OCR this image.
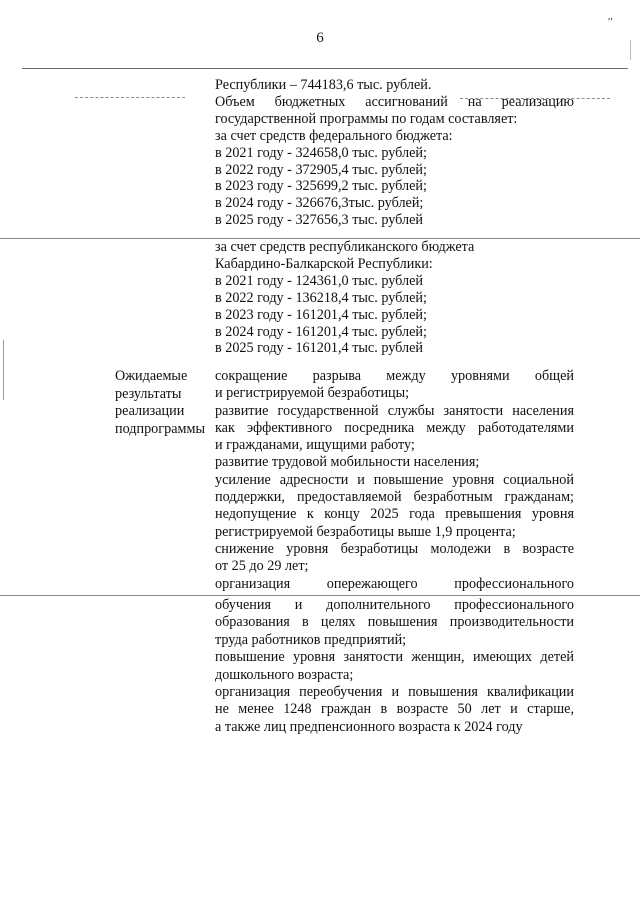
6
′′
Республики – 744183,6 тыс. рублей.
Объем бюджетных ассигнований на реализацию
государственной программы по годам составляет:
за счет средств федерального бюджета:
в 2021 году - 324658,0 тыс. рублей;
в 2022 году - 372905,4 тыс. рублей;
в 2023 году - 325699,2 тыс. рублей;
в 2024 году - 326676,3тыс. рублей;
в 2025 году - 327656,3 тыс. рублей
за счет средств республиканского бюджета
Кабардино-Балкарской Республики:
в 2021 году - 124361,0 тыс. рублей
в 2022 году - 136218,4 тыс. рублей;
в 2023 году - 161201,4 тыс. рублей;
в 2024 году - 161201,4 тыс. рублей;
в 2025 году - 161201,4 тыс. рублей
Ожидаемые
результаты
реализации
подпрограммы
сокращение разрыва между уровнями общей
и регистрируемой безработицы;
развитие государственной службы занятости населения
как эффективного посредника между работодателями
и гражданами, ищущими работу;
развитие трудовой мобильности населения;
усиление адресности и повышение уровня социальной
поддержки, предоставляемой безработным гражданам;
недопущение к концу 2025 года превышения уровня
регистрируемой безработицы выше 1,9 процента;
снижение уровня безработицы молодежи в возрасте
от 25 до 29 лет;
организация опережающего профессионального
обучения и дополнительного профессионального
образования в целях повышения производительности
труда работников предприятий;
повышение уровня занятости женщин, имеющих детей
дошкольного возраста;
организация переобучения и повышения квалификации
не менее 1248 граждан в возрасте 50 лет и старше,
а также лиц предпенсионного возраста к 2024 году
